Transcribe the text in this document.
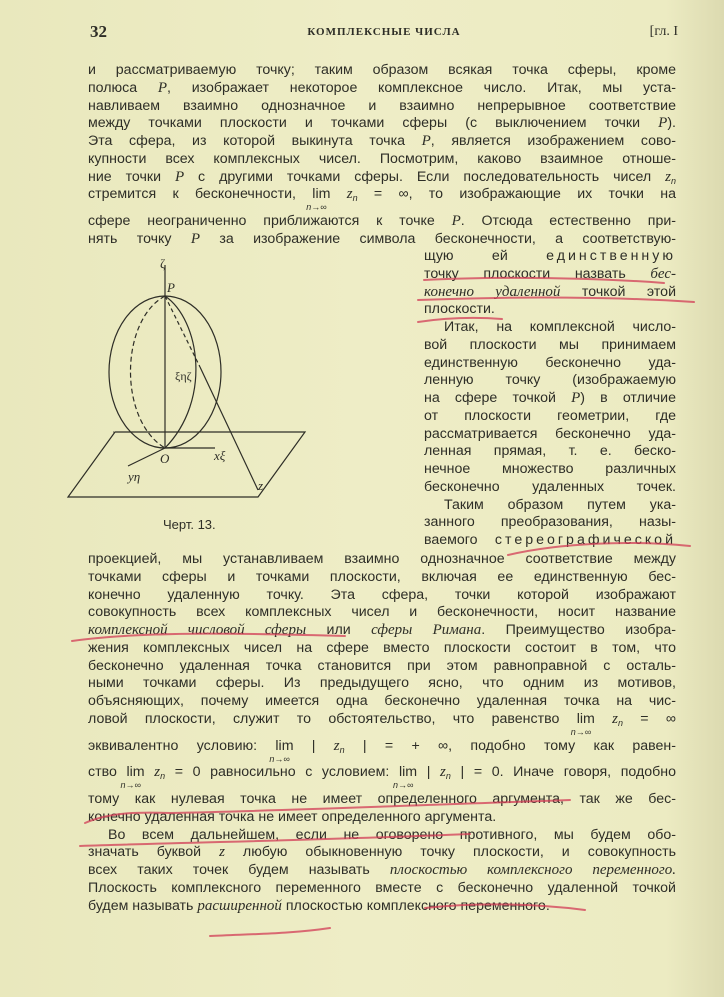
32	КОМПЛЕКСНЫЕ ЧИСЛА	[гл. I
и рассматриваемую точку; таким образом всякая точка сферы, кроме
полюса P, изображает некоторое комплексное число. Итак, мы уста-
навливаем взаимно однозначное и взаимно непрерывное соответствие
между точками плоскости и точками сферы (с выключением точки P).
Эта сфера, из которой выкинута точка P, является изображением сово-
купности всех комплексных чисел. Посмотрим, каково взаимное отноше-
ние точки P с другими точками сферы. Если последовательность чисел $z_n$
стремится к бесконечности, lim
n→∞
$z_n$ = ∞, то изображающие их точки на
сфере неограниченно приближаются к точке P. Отсюда естественно при-
нять точку P за изображение символа бесконечности, а соответствую-
щую ей единственную
точку плоскости назвать бес-
конечно удаленной точкой этой
плоскости.
Итак, на комплексной число-
вой плоскости мы принимаем
единственную бесконечно уда-
ленную точку (изображаемую
на сфере точкой P) в отличие
от плоскости геометрии, где
рассматривается бесконечно уда-
ленная прямая, т. е. беско-
нечное множество различных
бесконечно удаленных точек.
Таким образом путем ука-
занного преобразования, назы-
ваемого стереографической
проекцией, мы устанавливаем взаимно однозначное соответствие между
точками сферы и точками плоскости, включая ее единственную бес-
конечно удаленную точку. Эта сфера, точки которой изображают
совокупность всех комплексных чисел и бесконечности, носит название
комплексной числовой сферы или сферы Римана. Преимущество изобра-
жения комплексных чисел на сфере вместо плоскости состоит в том, что
бесконечно удаленная точка становится при этом равноправной с осталь-
ными точками сферы. Из предыдущего ясно, что одним из мотивов,
объясняющих, почему имеется одна бесконечно удаленная точка на чис-
ловой плоскости, служит то обстоятельство, что равенство lim
n→∞
$z_n$ = ∞
эквивалентно условию: lim
n→∞
| $z_n$ | = + ∞, подобно тому как равен-
ство lim
n→∞
$z_n = 0$ равносильно с условием: lim
n→∞
| $z_n$ | = 0. Иначе говоря, подобно
тому как нулевая точка не имеет определенного аргумента, так же бес-
конечно удаленная точка не имеет определенного аргумента.
Во всем дальнейшем, если не оговорено противного, мы будем обо-
значать буквой z любую обыкновенную точку плоскости, и совокупность
всех таких точек будем называть плоскостью комплексного переменного.
Плоскость комплексного переменного вместе с бесконечно удаленной точкой
будем называть расширенной плоскостью комплексного переменного.
ζ
P
ξηζ
O	xξ
yη
z
Черт. 13.
